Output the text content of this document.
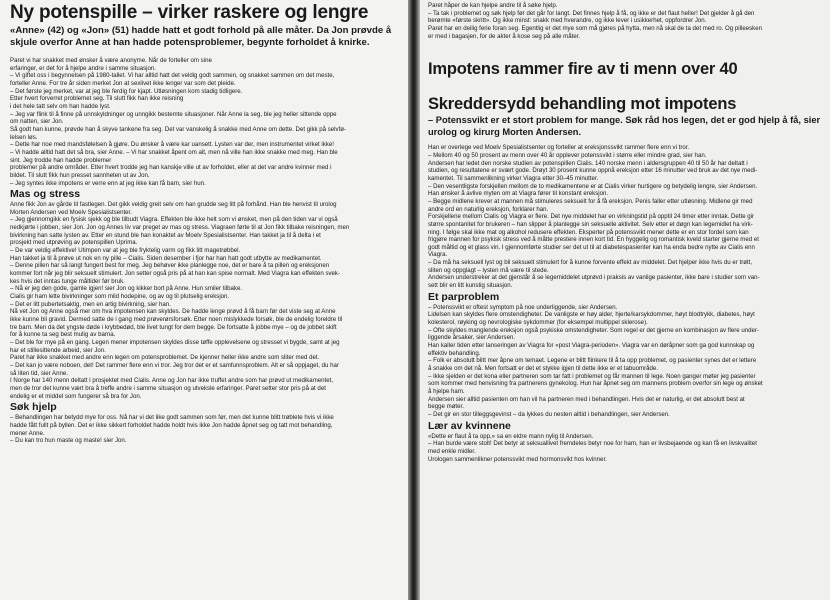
Ny potenspille – virker raskere og lengre

«Anne» (42) og «Jon» (51) hadde hatt et godt forhold på alle måter. Da Jon prøvde å skjule overfor Anne at han hadde potensproblemer, begynte forholdet å knirke.

Paret vi har snakket med ønsker å være anonyme. Når de forteller om sine

erfaringer, er det for å hjelpe andre i samme situasjon.

– Vi giftet oss i begynnelsen på 1980-tallet. Vi har alltid hatt det veldig godt sammen, og snakket sammen om det meste,

forteller Anne. For tre år siden merket Jon at sexlivet ikke lenger var som det pleide.

– Det første jeg merket, var at jeg ble ferdig for kjapt. Utløsningen kom stadig tidligere.

Etter hvert forverret problemet seg. Til slutt fikk han ikke reisning

i det hele tatt selv om han hadde lyst.

– Jeg var flink til å finne på unnskyldninger og unngikk bestemte situasjoner. Når Anne la seg, ble jeg heller sittende oppe

om natten, sier Jon.

Så godt han kunne, prøvde han å skyve tankene fra seg. Det var vanskelig å snakke med Anne om dette. Det gikk på selvfø-

lelsen løs.

– Dette har noe med mandsfølelsen å gjøre. Du ønsker å være kar uansett. Lysten var der, men instrumentet virket ikke!

– Vi hadde alltid hatt det så bra, sier Anne. – Vi har snakket åpent om alt, men nå ville han ikke snakke med meg. Han ble

sint. Jeg trodde han hadde problemer

problemer på andre områder. Etter hvert trodde jeg han kanskje ville ut av forholdet, eller at det var andre kvinner med i

bildet. Til slutt fikk hun presset sannheten ut av Jon.

– Jeg syntes ikke impotens er verre enn at jeg ikke kan få barn, sier hun.

Mas og stress

Anne fikk Jon av gårde til fastlegen. Det gikk veldig greit selv om han grudde seg litt på forhånd. Han ble henvist til urolog

Morten Andersen ved Moelv Spesialistsenter.

– Jeg gjennomgikk en fysisk sjekk og ble tilbudt Viagra. Effekten ble ikke helt som vi ønsket, men på den tiden var vi også

nedkjørte i jobben, sier Jon. Jon og Annes liv var preget av mas og stress. Viagraen førte til at Jon fikk tilbake reisningen, men

bivirkning han satte lysten av. Etter en stund ble han konaktet av Moelv Spesialistsenter. Han takket ja til å delta i et

prosjekt med utprøving av potenspillen Uprima.

– De var veldig effektive! Utimpen var at jeg ble fryktelig varm og fikk litt magetrøbbel.

Han takket ja til å prøve ut nok en ny pille – Cialis. Siden desember i fjor har han hatt godt utbytte av medikamentet.

– Denne pillen har så langt fungert best for meg. Jeg behøver ikke planlegge noe, det er bare å ta pillen og ereksjonen

kommer fort når jeg blir seksuelt stimulert. Jon setter også pris på at han kan spise normalt. Med Viagra kan effekten svek-

kes hvis det inntas tunge måltider før bruk.

– Nå er jeg den gode, gamle igjen! sier Jon og kikker bort på Anne. Hun smiler tilbake.

Cialis gir ham lette bivirkninger som mild hodepine, og av og til plutselig ereksjon.

– Det er litt pubertetsaktig, men en artig bivirkning, sier han.

Nå vet Jon og Anne også mer om hva impotensen kan skyldes. De hadde lenge prøvd å få barn før det viste seg at Anne

ikke kunne bli gravid. Dermed satte de i gang med prøverørsforsøk. Etter noen mislykkede forsøk, ble de endelig foreldre til

tre barn. Men da det yngste døde i krybbedød, ble livet tungt for dem begge. De fortsatte å jobbe mye – og de jobbet skift

for å kunne ta seg best mulig av barna.

– Det ble for mye på en gang. Legen mener impotensen skyldes disse tøffe opplevelsene og stresset vi bygde, samt at jeg

har et stillesittende arbeid, sier Jon.

Paret har ikke snakket med andre enn legen om potensproblemet. De kjenner heller ikke andre som sliter med det.

– Det kan jo være noboen, det! Det rammer flere enn vi tror. Jeg tror det er et samfunnsproblem. Alt er så oppjaget, du har

så liten tid, sier Anne.

I Norge har 140 menn deltatt i prosjektet med Cialis. Anne og Jon har ikke truffet andre som har prøvd ut medikamentet,

men de tror det kunne vært bra å treffe andre i samme situasjon og utveksle erfaringer. Paret setter stor pris på at det

endelig er et middel som fungerer så bra for Jon.

Søk hjelp

– Behandlingen har betydd mye for oss. Nå har vi det like godt sammen som før, men det kunne blitt trøblete hvis vi ikke

hadde fått fullt på byllen. Det er ikke sikkert forholdet hadde holdt hvis ikke Jon hadde åpnet seg og tatt mot behandling,

mener Anne.

– Du kan tro hun maste og maste! sier Jon.

Paret håper de kan hjelpe andre til å søke hjelp.

– Ta tak i problemet og søk hjelp før det går for langt. Det finnes hjelp å få, og ikke er det flaut heller! Det gjelder å gå den

berømte «første skritt». Og ikke minst: snakk med hverandre, og ikke lever i usikkerhet, oppfordrer Jon.

Paret har en deilig ferie foran seg. Egentlig er det mye som må gjøres på hytta, men nå skal de ta det med ro. Og pilleesken

er med i bagasjen, for de akter å kose seg på alle måter.

Impotens rammer fire av ti menn over 40
Skreddersydd behandling mot impotens

– Potenssvikt er et stort problem for mange. Søk råd hos legen, det er god hjelp å få, sier urolog og kirurg Morten Andersen.

Han er overlege ved Moelv Spesialistsenter og forteller at ereksjonssvikt rammer flere enn vi tror.

– Mellom 40 og 50 prosent av menn over 40 år opplever potenssvikt i større eller mindre grad, sier han.

Andersen har ledet den norske studien av potenspillen Cialis. 140 norske menn i aldersgruppen 40 til 50 år har deltatt i

studien, og resultatene er svært gode. Drøyt 30 prosent kunne oppnå ereksjon etter 16 minutter ved bruk av det nye medi-

kamentet. Til sammenlikning virker Viagra etter 30–45 minutter.

– Den vesentligste forskjellen mellom de to medikamentene er at Cialis virker hurtigere og betydelig lengre, sier Andersen.

Han ønsker å avlive myten om at Viagra fører til konstant ereksjon.

– Begge midlene krever at mannen må stimuleres seksuelt for å få ereksjon. Penis faller etter utløsning. Midlene gir med

andre ord en naturlig ereksjon, forklarer han.

Forskjellene mellom Cialis og Viagra er flere. Det nye middelet har en virkningstid på opptil 24 timer etter inntak. Dette gir

større spontanitet for brukeren – han slipper å planlegge sin seksuelle aktivitet. Selv etter et døgn kan legemidlet ha virk-

ning. I følge skal ikke mat og alkohol redusere effekten. Eksperter på potenssvikt mener dette er en stor fordel som kan

frigjøre mannen for psykisk stress ved å måtte prestere innen kort tid. En hyggelig og romantisk kveld starter gjerne med et

godt måltid og et glass vin. I gjennomførte studier ser det ut til at diabetespasienter kan ha enda bedre nytte av Cialis enn

Viagra.

– Da må ha seksuell lyst og bli seksuelt stimulert for å kunne forvente effekt av middelet. Det hjelper ikke hvis du er trøtt,

sliten og oppglagt – lysten må være til stede.

Andersen understreker at det gjenstår å se legemiddelet utprøvd i praksis av vanlige pasienter, ikke bare i studier som van-

sett blir en litt kunstig situasjon.

Et parproblem

– Potenssvikt er oftest symptom på noe underliggende, sier Andersen.

Lidelsen kan skyldes flere omstendigheter. De vanligste er høy alder, hjerte/karsykdommer, høyt blodtrykk, diabetes, høyt

kolesterol, røyking og nevrologiske sykdommer (for eksempel multippel sklerose).

– Ofte skyldes manglende ereksjon også psykiske omstendigheter. Som regel er det gjerne en kombinasjon av flere under-

liggende årsaker, sier Andersen.

Han kaller tiden etter lanseringen av Viagra for «post Viagra-perioden». Viagra var en døråpner som ga god kunnskap og

effektiv behandling.

– Folk er absolutt blitt mer åpne om temaet. Legene er blitt flinkere til å ta opp problemet, og pasienter synes det er lettere

å snakke om det nå. Men fortsatt er det et stykke igjen til dette ikke er et tabuområde.

– Ikke sjelden er det kona eller partneren som tar fatt i problemet og får mannen til lege. Noen ganger møter jeg pasienter

som kommer med henvisning fra partnerens gynekolog. Hun har åpnet seg om mannens problem overfor sin lege og ønsket

å hjelpe ham.

Andersen sier alltid pasienten om han vil ha partneren med i behandlingen. Hvis det er naturlig, er det absolutt best at

begge møter.

– Det gir en stor tilleggsgevinst – da lykkes du nesten alltid i behandlingen, sier Andersen.

Lær av kvinnene

«Dette er flaut å ta opp,» sa en eldre mann nylig til Andersen.

– Han burde være stolt! Det betyr at seksuallivet fremdeles betyr noe for ham, han er livsbejaende og kan få en livskvalitet

med enkle midler.

Urologen sammenlikner potenssvikt med hormonsvikt hos kvinner.
